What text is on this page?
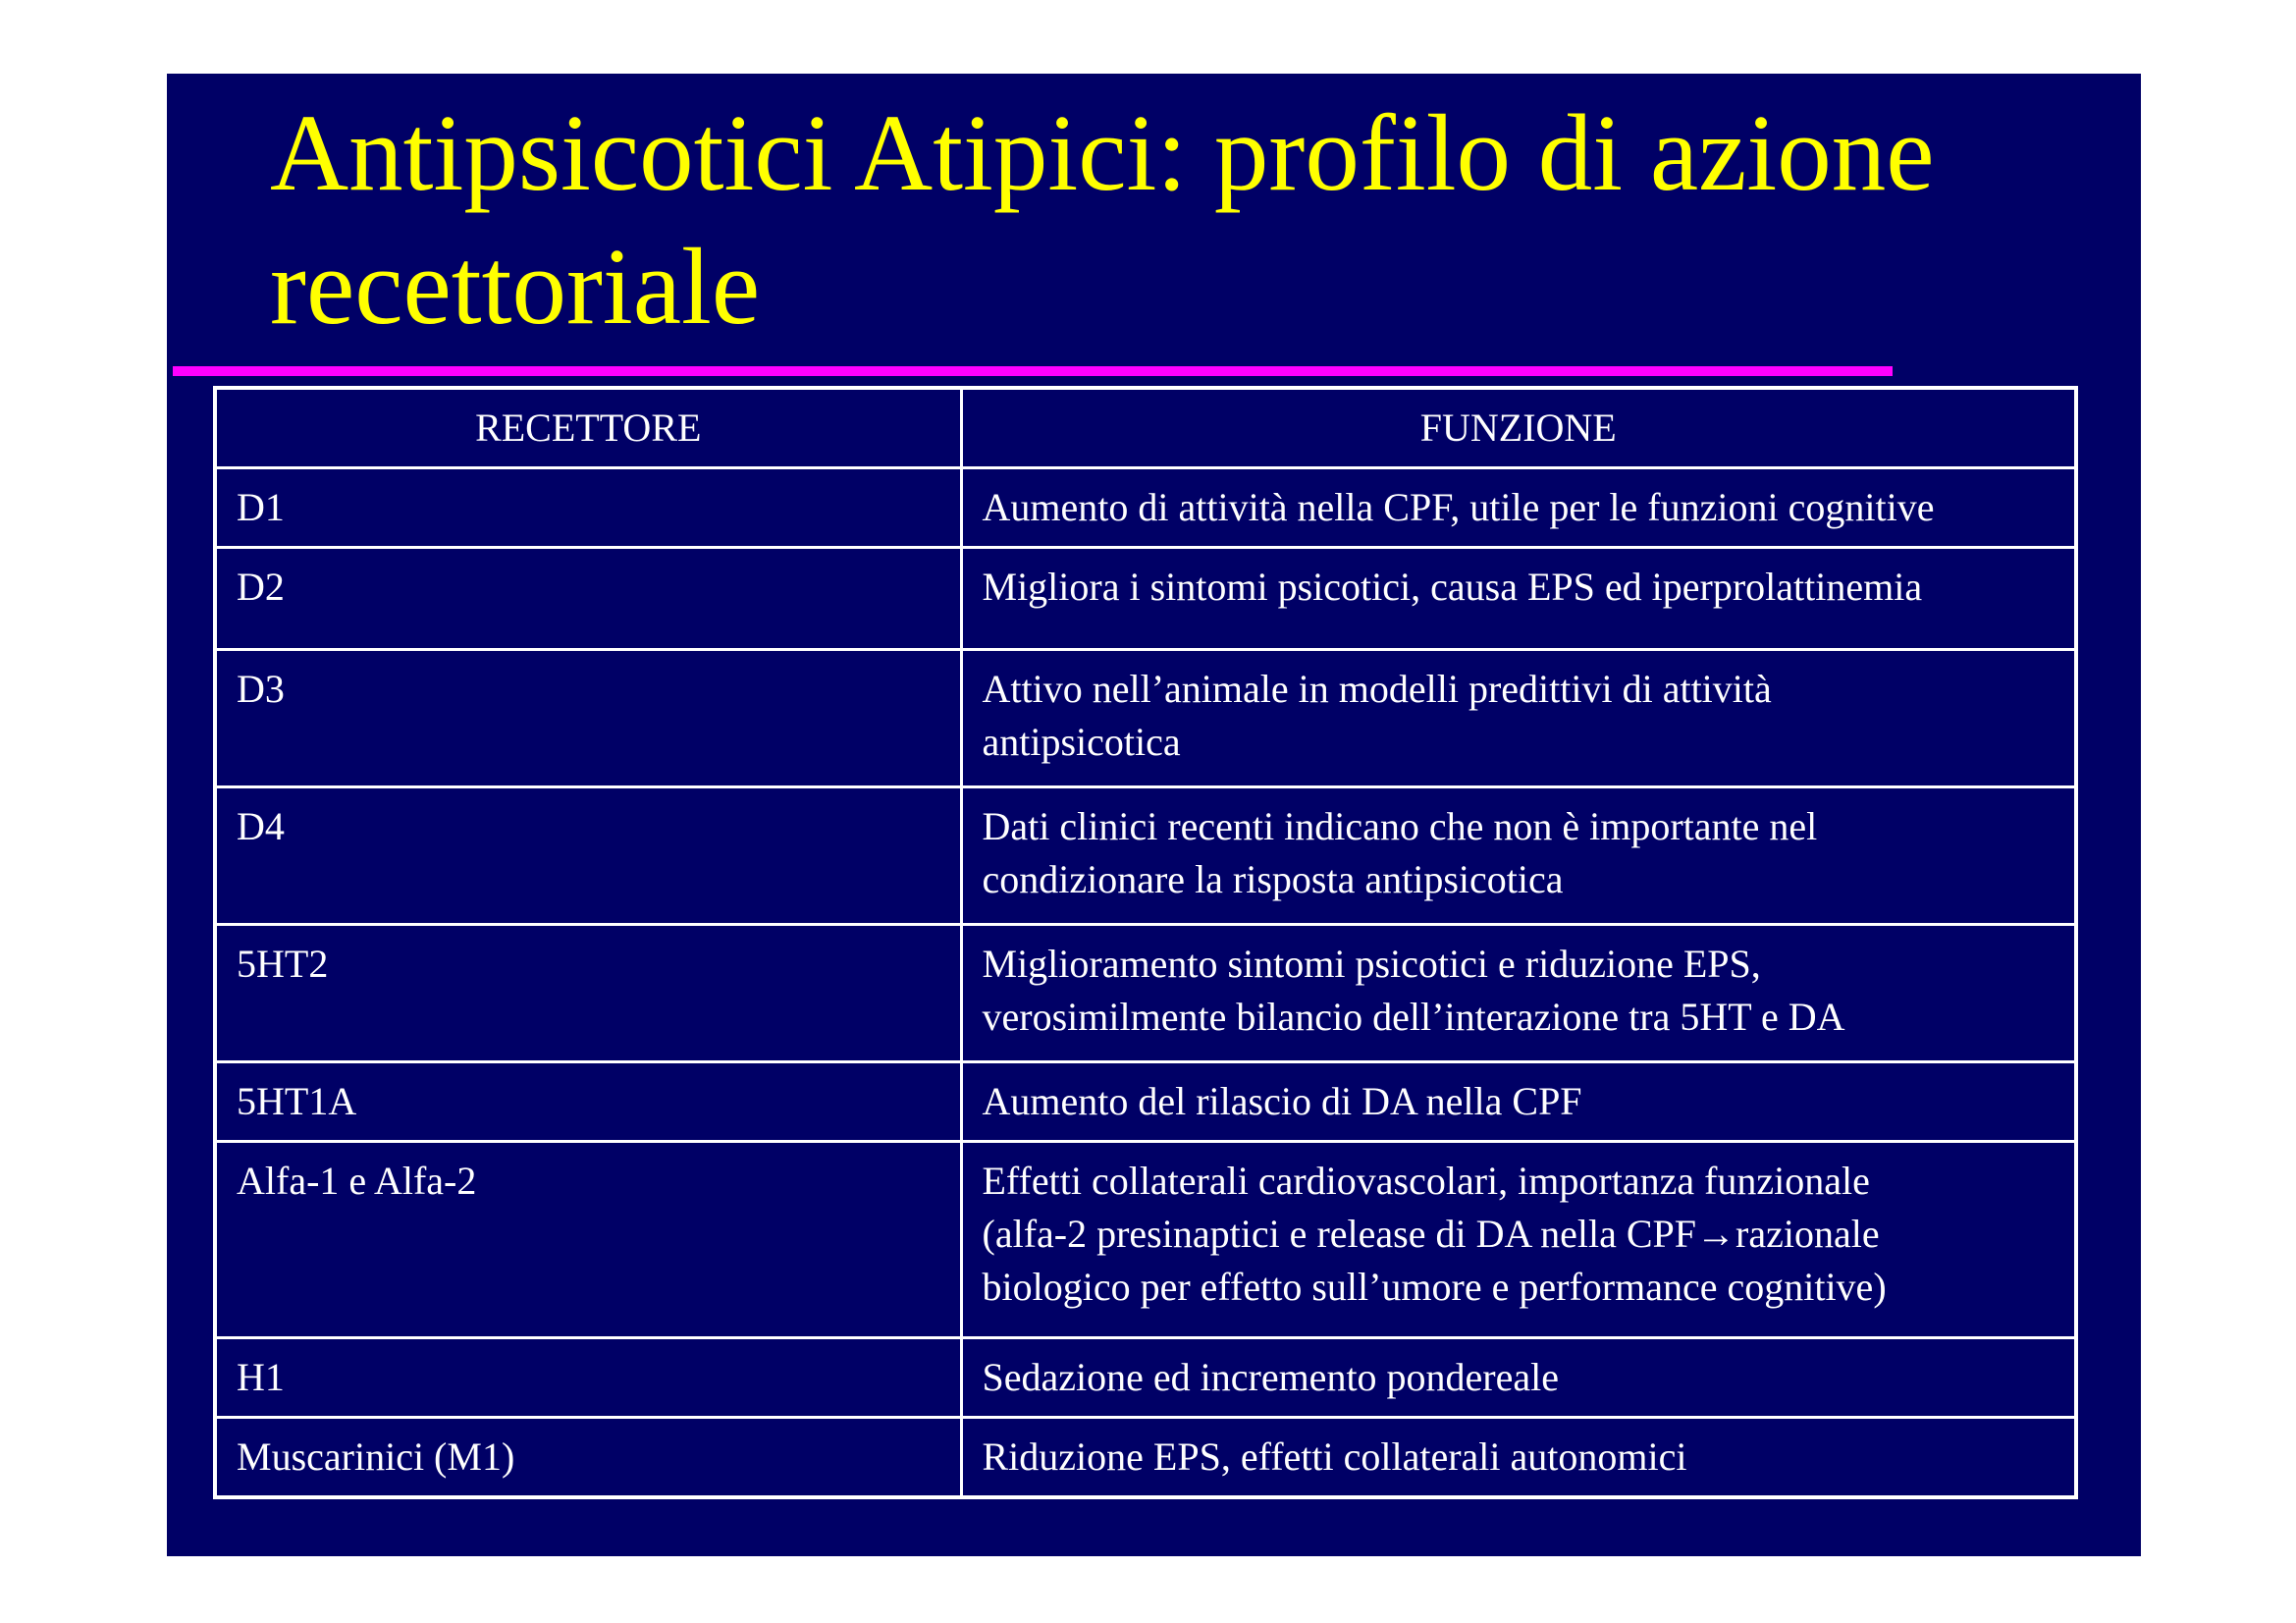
Antipsicotici Atipici: profilo di azione recettoriale
RECETTORE	FUNZIONE
D1	Aumento di attività nella CPF, utile per le funzioni cognitive
D2	Migliora i sintomi psicotici, causa EPS ed iperprolattinemia
D3	Attivo nell’animale in modelli predittivi di attività
antipsicotica
D4	Dati clinici recenti indicano che non è importante nel
condizionare la risposta antipsicotica
5HT2	Miglioramento sintomi psicotici e riduzione EPS,
verosimilmente bilancio dell’interazione tra 5HT e DA
5HT1A	Aumento del rilascio di DA nella CPF
Alfa-1 e Alfa-2	Effetti collaterali cardiovascolari, importanza funzionale
(alfa-2 presinaptici e release di DA nella CPF→razionale
biologico per effetto sull’umore e performance cognitive)
H1	Sedazione ed incremento pondereale
Muscarinici (M1)	Riduzione EPS, effetti collaterali autonomici
